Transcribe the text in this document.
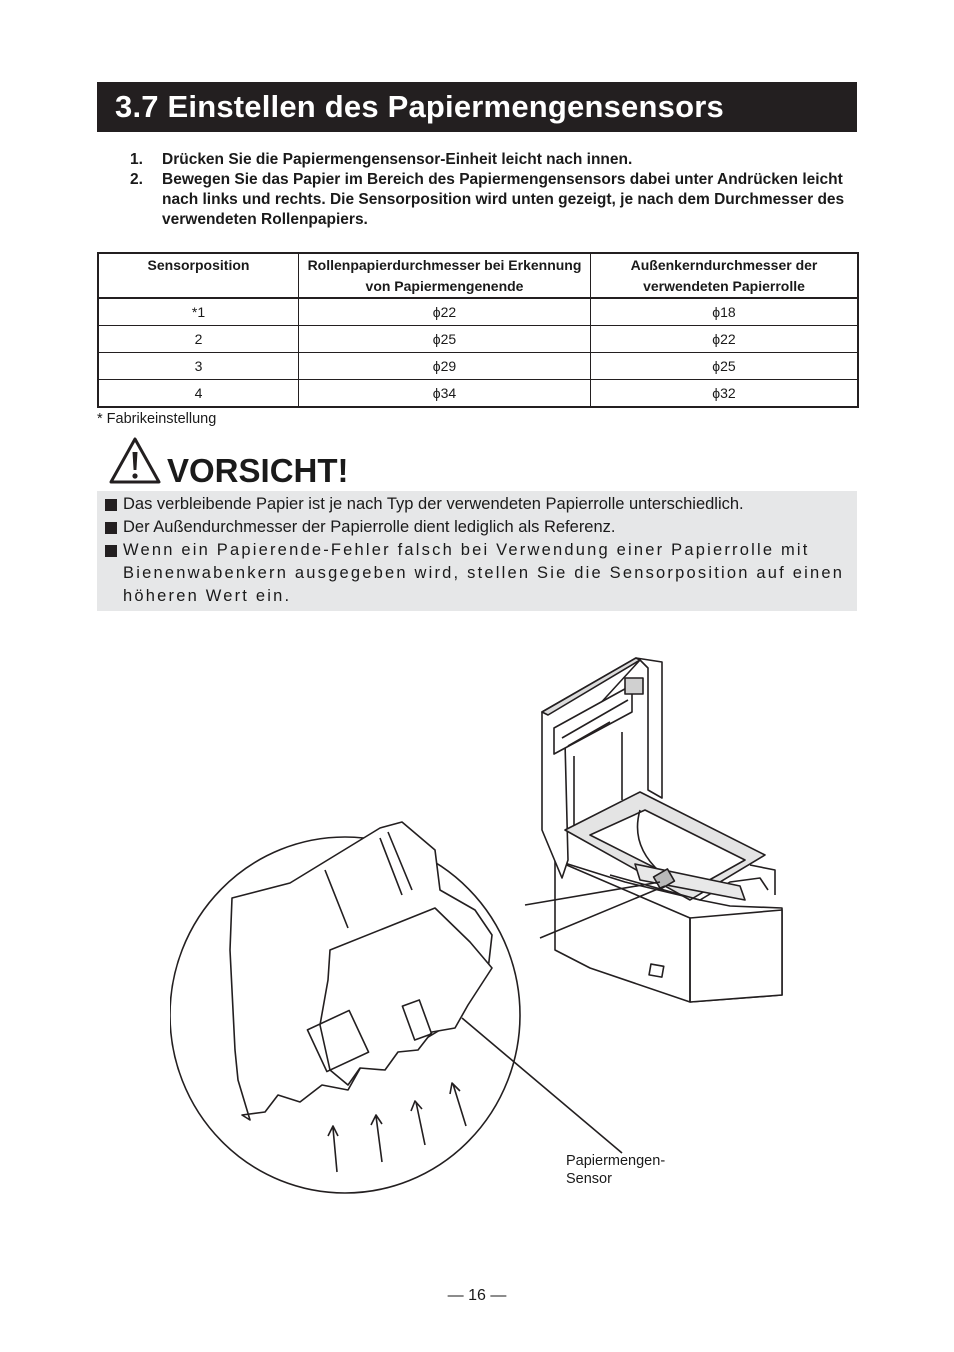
3.7 Einstellen des Papiermengensensors
1. Drücken Sie die Papiermengensensor-Einheit leicht nach innen.
2. Bewegen Sie das Papier im Bereich des Papiermengensensors dabei unter Andrücken leicht nach links und rechts. Die Sensorposition wird unten gezeigt, je nach dem Durchmesser des verwendeten Rollenpapiers.
Sensorposition	Rollenpapierdurchmesser bei Erkennung von Papiermengenende	Außenkerndurchmesser der verwendeten Papierrolle
*1	ϕ22	ϕ18
2	ϕ25	ϕ22
3	ϕ29	ϕ25
4	ϕ34	ϕ32
* Fabrikeinstellung
VORSICHT!
Das verbleibende Papier ist je nach Typ der verwendeten Papierrolle unterschiedlich.
Der Außendurchmesser der Papierrolle dient lediglich als Referenz.
Wenn ein Papierende-Fehler falsch bei Verwendung einer Papierrolle mit Bienenwabenkern ausgegeben wird, stellen Sie die Sensorposition auf einen höheren Wert ein.
Papiermengen-
Sensor
— 16 —
